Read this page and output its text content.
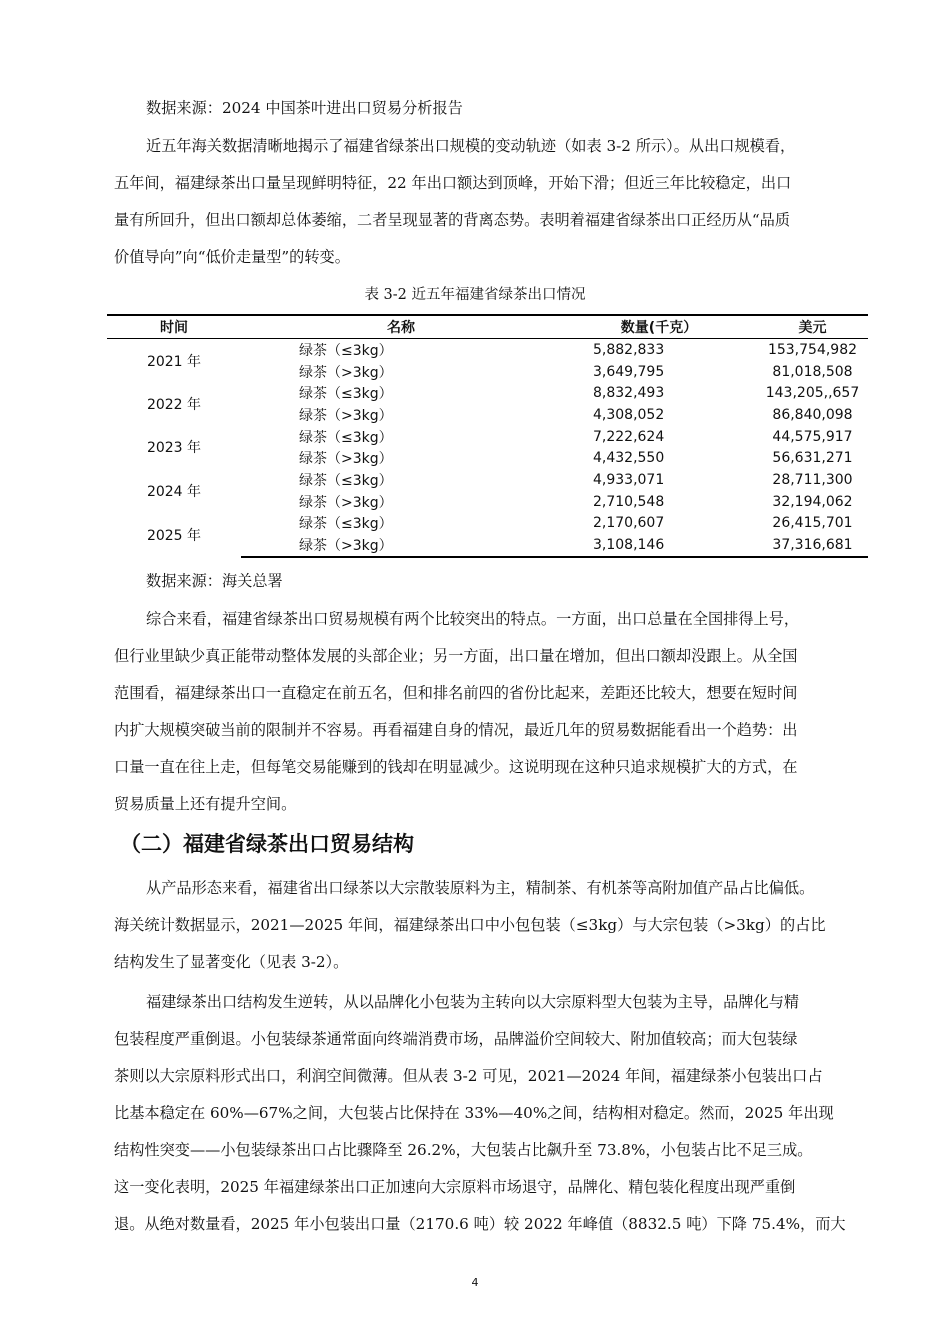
数据来源：2024 中国茶叶进出口贸易分析报告

近五年海关数据清晰地揭示了福建省绿茶出口规模的变动轨迹（如表 3-2 所示）。从出口规模看，
五年间，福建绿茶出口量呈现鲜明特征，22 年出口额达到顶峰，开始下滑；但近三年比较稳定，出口
量有所回升，但出口额却总体萎缩，二者呈现显著的背离态势。表明着福建省绿茶出口正经历从“品质
价值导向”向“低价走量型”的转变。

表 3-2 近五年福建省绿茶出口情况
时间	名称	数量(千克）	美元
2021 年	绿茶（≤3kg）	5,882,833	153,754,982
	绿茶（>3kg）	3,649,795	81,018,508
2022 年	绿茶（≤3kg）	8,832,493	143,205,,657
	绿茶（>3kg）	4,308,052	86,840,098
2023 年	绿茶（≤3kg）	7,222,624	44,575,917
	绿茶（>3kg）	4,432,550	56,631,271
2024 年	绿茶（≤3kg）	4,933,071	28,711,300
	绿茶（>3kg）	2,710,548	32,194,062
2025 年	绿茶（≤3kg）	2,170,607	26,415,701
	绿茶（>3kg）	3,108,146	37,316,681

数据来源：海关总署

综合来看，福建省绿茶出口贸易规模有两个比较突出的特点。一方面，出口总量在全国排得上号，
但行业里缺少真正能带动整体发展的头部企业；另一方面，出口量在增加，但出口额却没跟上。从全国
范围看，福建绿茶出口一直稳定在前五名，但和排名前四的省份比起来，差距还比较大，想要在短时间
内扩大规模突破当前的限制并不容易。再看福建自身的情况，最近几年的贸易数据能看出一个趋势：出
口量一直在往上走，但每笔交易能赚到的钱却在明显减少。这说明现在这种只追求规模扩大的方式，在
贸易质量上还有提升空间。

（二）福建省绿茶出口贸易结构

从产品形态来看，福建省出口绿茶以大宗散装原料为主，精制茶、有机茶等高附加值产品占比偏低。
海关统计数据显示，2021—2025 年间，福建绿茶出口中小包包装（≤3kg）与大宗包装（>3kg）的占比
结构发生了显著变化（见表 3-2）。

福建绿茶出口结构发生逆转，从以品牌化小包装为主转向以大宗原料型大包装为主导，品牌化与精
包装程度严重倒退。小包装绿茶通常面向终端消费市场，品牌溢价空间较大、附加值较高；而大包装绿
茶则以大宗原料形式出口，利润空间微薄。但从表 3-2 可见，2021—2024 年间，福建绿茶小包装出口占
比基本稳定在 60%—67%之间，大包装占比保持在 33%—40%之间，结构相对稳定。然而，2025 年出现
结构性突变——小包装绿茶出口占比骤降至 26.2%，大包装占比飙升至 73.8%，小包装占比不足三成。
这一变化表明，2025 年福建绿茶出口正加速向大宗原料市场退守，品牌化、精包装化程度出现严重倒
退。从绝对数量看，2025 年小包装出口量（2170.6 吨）较 2022 年峰值（8832.5 吨）下降 75.4%，而大

4
